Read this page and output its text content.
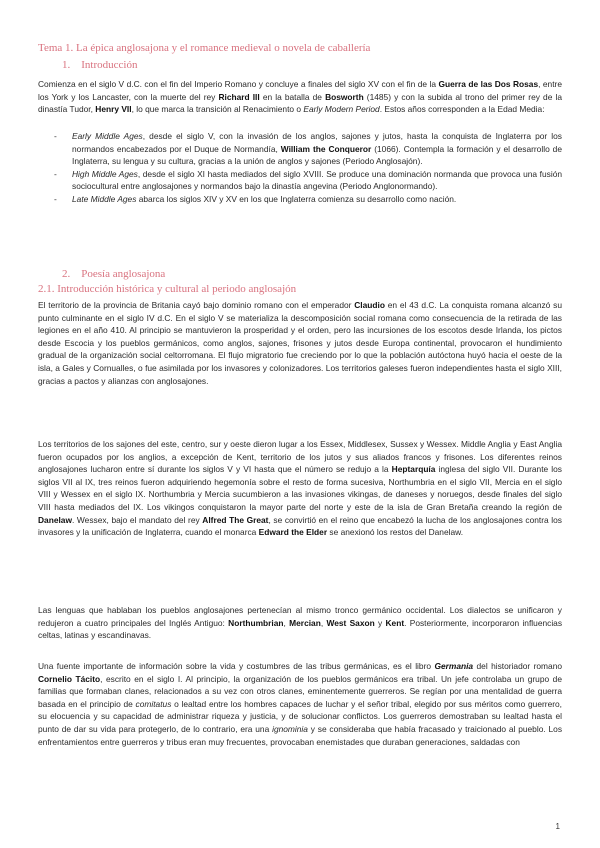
Tema 1. La épica anglosajona y el romance medieval o novela de caballería
1. Introducción
Comienza en el siglo V d.C. con el fin del Imperio Romano y concluye a finales del siglo XV con el fin de la Guerra de las Dos Rosas, entre los York y los Lancaster, con la muerte del rey Richard III en la batalla de Bosworth (1485) y con la subida al trono del primer rey de la dinastía Tudor, Henry VII, lo que marca la transición al Renacimiento o Early Modern Period. Estos años corresponden a la Edad Media:
- Early Middle Ages, desde el siglo V, con la invasión de los anglos, sajones y jutos, hasta la conquista de Inglaterra por los normandos encabezados por el Duque de Normandía, William the Conqueror (1066). Contempla la formación y el desarrollo de Inglaterra, su lengua y su cultura, gracias a la unión de anglos y sajones (Periodo Anglosajón).
- High Middle Ages, desde el siglo XI hasta mediados del siglo XVIII. Se produce una dominación normanda que provoca una fusión sociocultural entre anglosajones y normandos bajo la dinastía angevina (Periodo Anglonormando).
- Late Middle Ages abarca los siglos XIV y XV en los que Inglaterra comienza su desarrollo como nación.
2. Poesía anglosajona
2.1. Introducción histórica y cultural al periodo anglosajón
El territorio de la provincia de Britania cayó bajo dominio romano con el emperador Claudio en el 43 d.C. La conquista romana alcanzó su punto culminante en el siglo IV d.C. En el siglo V se materializa la descomposición social romana como consecuencia de la retirada de las legiones en el año 410. Al principio se mantuvieron la prosperidad y el orden, pero las incursiones de los escotos desde Irlanda, los pictos desde Escocia y los pueblos germánicos, como anglos, sajones, frisones y jutos desde Europa continental, provocaron el hundimiento gradual de la organización social celtorromana. El flujo migratorio fue creciendo por lo que la población autóctona huyó hacia el oeste de la isla, a Gales y Cornualles, o fue asimilada por los invasores y colonizadores. Los territorios galeses fueron independientes hasta el siglo XIII, gracias a pactos y alianzas con anglosajones.
Los territorios de los sajones del este, centro, sur y oeste dieron lugar a los Essex, Middlesex, Sussex y Wessex. Middle Anglia y East Anglia fueron ocupados por los anglios, a excepción de Kent, territorio de los jutos y sus aliados francos y frisones. Los diferentes reinos anglosajones lucharon entre sí durante los siglos V y VI hasta que el número se redujo a la Heptarquía inglesa del siglo VII. Durante los siglos VII al IX, tres reinos fueron adquiriendo hegemonía sobre el resto de forma sucesiva, Northumbria en el siglo VII, Mercia en el siglo VIII y Wessex en el siglo IX. Northumbria y Mercia sucumbieron a las invasiones vikingas, de daneses y noruegos, desde finales del siglo VIII hasta mediados del IX. Los vikingos conquistaron la mayor parte del norte y este de la isla de Gran Bretaña creando la región de Danelaw. Wessex, bajo el mandato del rey Alfred The Great, se convirtió en el reino que encabezó la lucha de los anglosajones contra los invasores y la unificación de Inglaterra, cuando el monarca Edward the Elder se anexionó los restos del Danelaw.
Las lenguas que hablaban los pueblos anglosajones pertenecían al mismo tronco germánico occidental. Los dialectos se unificaron y redujeron a cuatro principales del Inglés Antiguo: Northumbrian, Mercian, West Saxon y Kent. Posteriormente, incorporaron influencias celtas, latinas y escandinavas.
Una fuente importante de información sobre la vida y costumbres de las tribus germánicas, es el libro Germania del historiador romano Cornelio Tácito, escrito en el siglo I. Al principio, la organización de los pueblos germánicos era tribal. Un jefe controlaba un grupo de familias que formaban clanes, relacionados a su vez con otros clanes, eminentemente guerreros. Se regían por una mentalidad de guerra basada en el principio de comitatus o lealtad entre los hombres capaces de luchar y el señor tribal, elegido por sus méritos como guerrero, su elocuencia y su capacidad de administrar riqueza y justicia, y de solucionar conflictos. Los guerreros demostraban su lealtad hasta el punto de dar su vida para protegerlo, de lo contrario, era una ignominia y se consideraba que había fracasado y traicionado al pueblo. Los enfrentamientos entre guerreros y tribus eran muy frecuentes, provocaban enemistades que duraban generaciones, saldadas con
1
